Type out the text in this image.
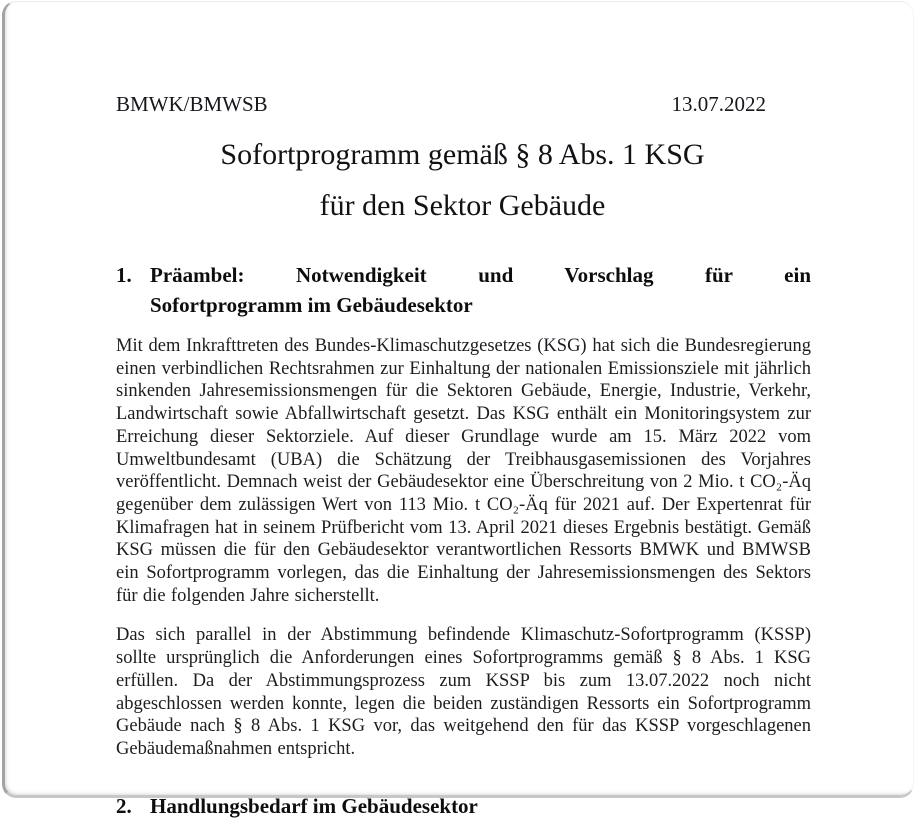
BMWK/BMWSB	13.07.2022
Sofortprogramm gemäß § 8 Abs. 1 KSG
für den Sektor Gebäude
1. Präambel: Notwendigkeit und Vorschlag für ein
Sofortprogramm im Gebäudesektor

Mit dem Inkrafttreten des Bundes-Klimaschutzgesetzes (KSG) hat sich die Bundesregierung einen verbindlichen Rechtsrahmen zur Einhaltung der nationalen Emissionsziele mit jährlich sinkenden Jahresemissionsmengen für die Sektoren Gebäude, Energie, Industrie, Verkehr, Landwirtschaft sowie Abfallwirtschaft gesetzt. Das KSG enthält ein Monitoringsystem zur Erreichung dieser Sektorziele. Auf dieser Grundlage wurde am 15. März 2022 vom Umweltbundesamt (UBA) die Schätzung der Treibhausgasemissionen des Vorjahres veröffentlicht. Demnach weist der Gebäudesektor eine Überschreitung von 2 Mio. t CO₂-Äq gegenüber dem zulässigen Wert von 113 Mio. t CO₂-Äq für 2021 auf. Der Expertenrat für Klimafragen hat in seinem Prüfbericht vom 13. April 2021 dieses Ergebnis bestätigt. Gemäß KSG müssen die für den Gebäudesektor verantwortlichen Ressorts BMWK und BMWSB ein Sofortprogramm vorlegen, das die Einhaltung der Jahresemissionsmengen des Sektors für die folgenden Jahre sicherstellt.

Das sich parallel in der Abstimmung befindende Klimaschutz-Sofortprogramm (KSSP) sollte ursprünglich die Anforderungen eines Sofortprogramms gemäß § 8 Abs. 1 KSG erfüllen. Da der Abstimmungsprozess zum KSSP bis zum 13.07.2022 noch nicht abgeschlossen werden konnte, legen die beiden zuständigen Ressorts ein Sofortprogramm Gebäude nach § 8 Abs. 1 KSG vor, das weitgehend den für das KSSP vorgeschlagenen Gebäudemaßnahmen entspricht.

2. Handlungsbedarf im Gebäudesektor
